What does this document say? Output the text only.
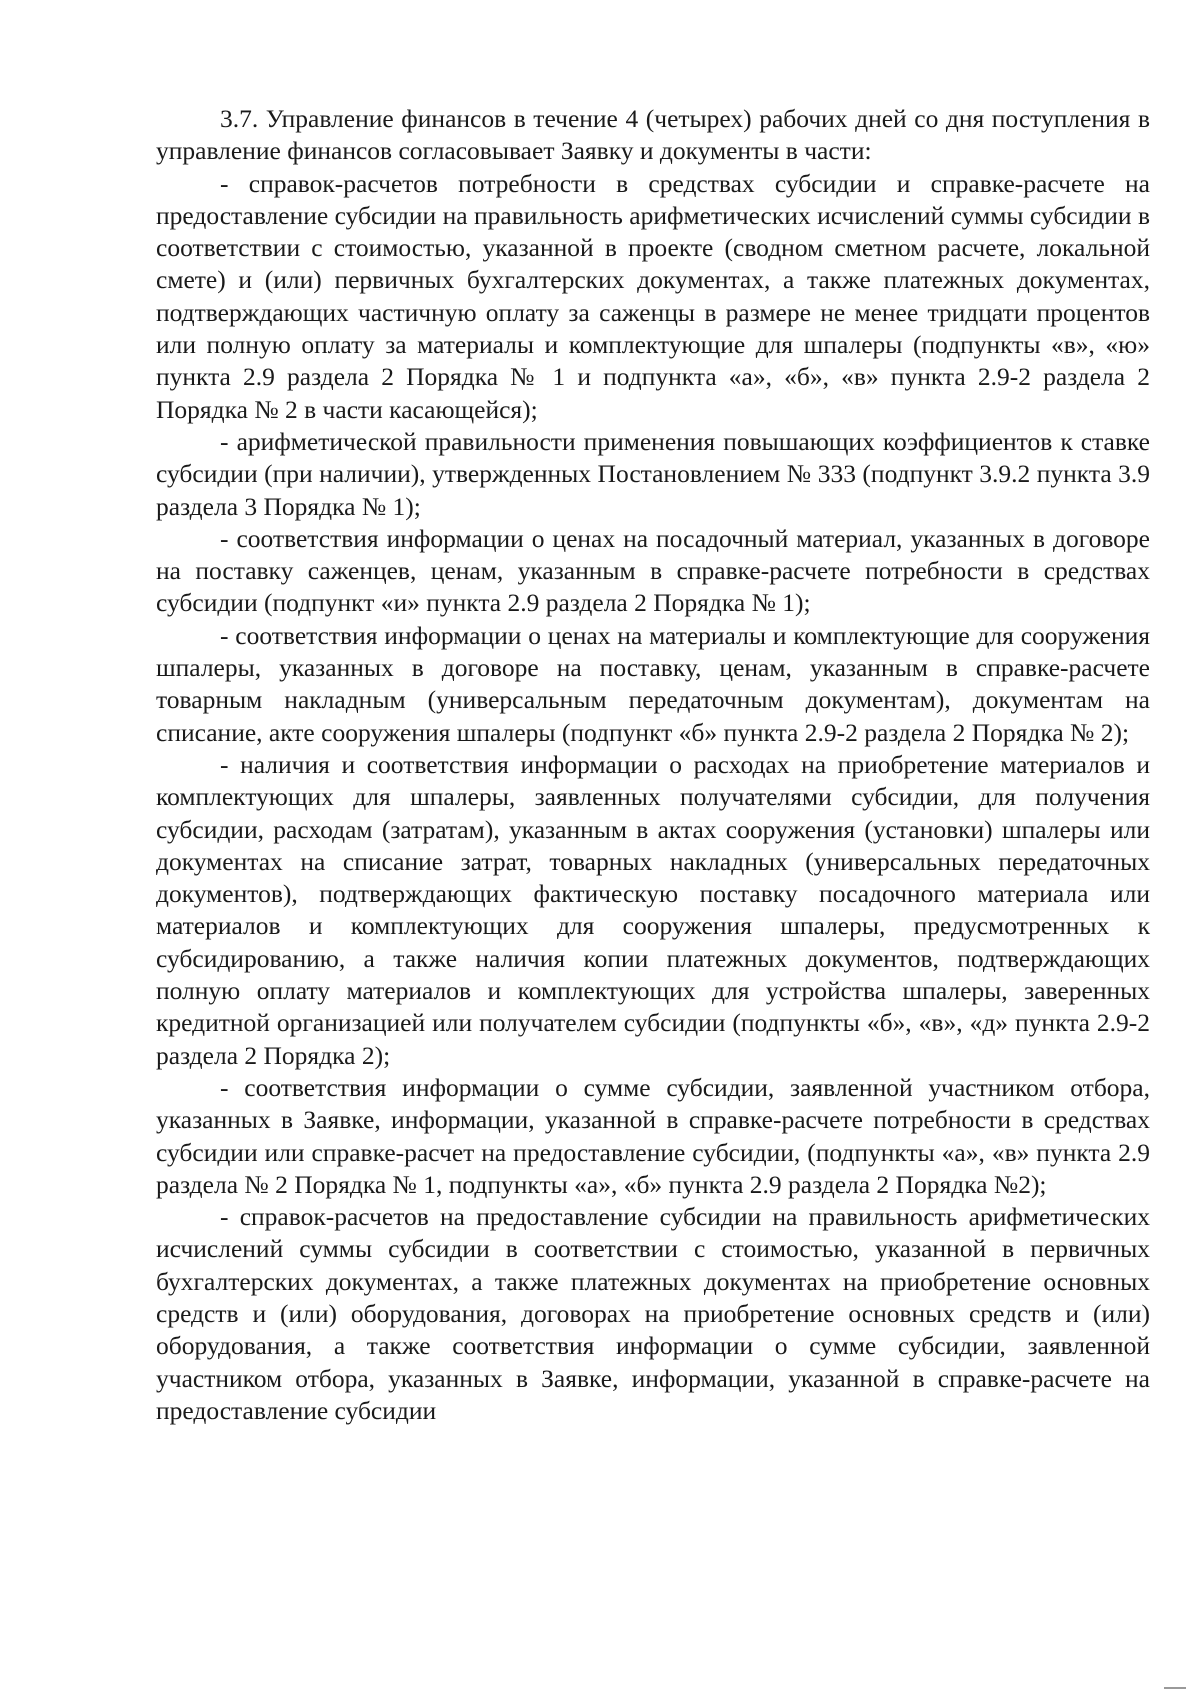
3.7. Управление финансов в течение 4 (четырех) рабочих дней со дня поступления в управление финансов согласовывает Заявку и документы в части:

- справок-расчетов потребности в средствах субсидии и справке-расчете на предоставление субсидии на правильность арифметических исчислений суммы субсидии в соответствии с стоимостью, указанной в проекте (сводном сметном расчете, локальной смете) и (или) первичных бухгалтерских документах, а также платежных документах, подтверждающих частичную оплату за саженцы в размере не менее тридцати процентов или полную оплату за материалы и комплектующие для шпалеры (подпункты «в», «ю» пункта 2.9 раздела 2 Порядка № 1 и подпункта «а», «б», «в» пункта 2.9-2 раздела 2 Порядка № 2 в части касающейся);

- арифметической правильности применения повышающих коэффициентов к ставке субсидии (при наличии), утвержденных Постановлением № 333 (подпункт 3.9.2 пункта 3.9 раздела 3 Порядка № 1);

- соответствия информации о ценах на посадочный материал, указанных в договоре на поставку саженцев, ценам, указанным в справке-расчете потребности в средствах субсидии (подпункт «и» пункта 2.9 раздела 2 Порядка № 1);

- соответствия информации о ценах на материалы и комплектующие для сооружения шпалеры, указанных в договоре на поставку, ценам, указанным в справке-расчете товарным накладным (универсальным передаточным документам), документам на списание, акте сооружения шпалеры (подпункт «б» пункта 2.9-2 раздела 2 Порядка № 2);

- наличия и соответствия информации о расходах на приобретение материалов и комплектующих для шпалеры, заявленных получателями субсидии, для получения субсидии, расходам (затратам), указанным в актах сооружения (установки) шпалеры или документах на списание затрат, товарных накладных (универсальных передаточных документов), подтверждающих фактическую поставку посадочного материала или материалов и комплектующих для сооружения шпалеры, предусмотренных к субсидированию, а также наличия копии платежных документов, подтверждающих полную оплату материалов и комплектующих для устройства шпалеры, заверенных кредитной организацией или получателем субсидии (подпункты «б», «в», «д» пункта 2.9-2 раздела 2 Порядка 2);

- соответствия информации о сумме субсидии, заявленной участником отбора, указанных в Заявке, информации, указанной в справке-расчете потребности в средствах субсидии или справке-расчет на предоставление субсидии, (подпункты «а», «в» пункта 2.9 раздела № 2 Порядка № 1, подпункты «а», «б» пункта 2.9 раздела 2 Порядка №2);

- справок-расчетов на предоставление субсидии на правильность арифметических исчислений суммы субсидии в соответствии с стоимостью, указанной в первичных бухгалтерских документах, а также платежных документах на приобретение основных средств и (или) оборудования, договорах на приобретение основных средств и (или) оборудования, а также соответствия информации о сумме субсидии, заявленной участником отбора, указанных в Заявке, информации, указанной в справке-расчете на предоставление субсидии
